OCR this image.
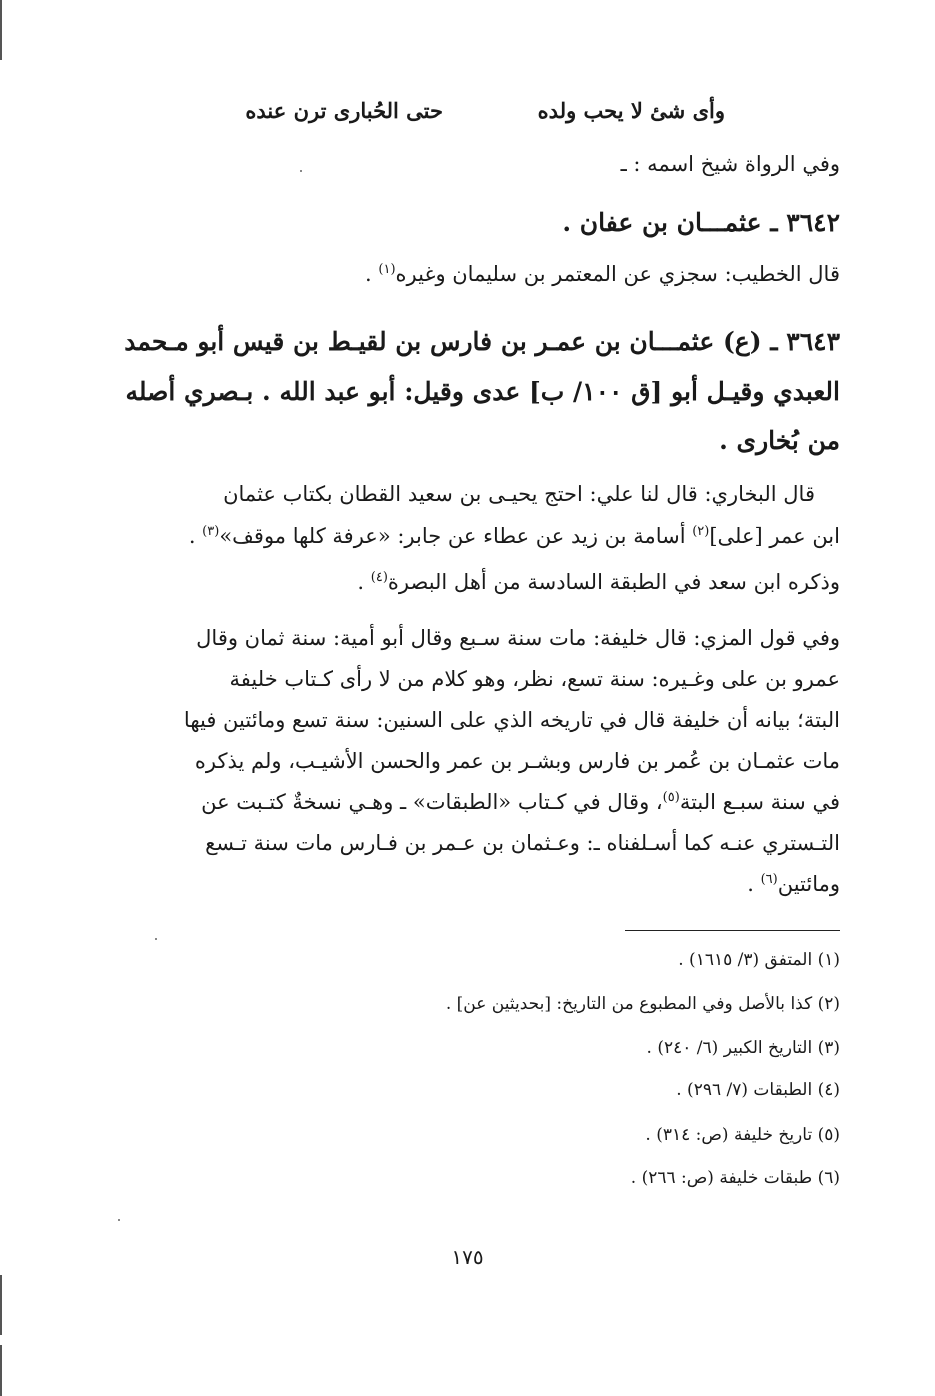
وأى شئ لا يحب ولده
حتى الحُبارى ترن عنده
وفي الرواة شيخ اسمه : ـ
٣٦٤٢ ـ عثمـــان بن عفان .
قال الخطيب: سجزي عن المعتمر بن سليمان وغيره$^{(١)}$ .
٣٦٤٣ ـ (ع) عثمـــان بن عمـر بن فارس بن لقيـط بن قيس أبو مـحمد
العبدي وقيـل أبو [ق ١٠٠/ ب] عدى وقيل: أبو عبد الله . بـصري أصله
من بُخارى .
قال البخاري: قال لنا علي: احتج يحيـى بن سعيد القطان بكتاب عثمان
ابن عمر [على]$^{(٢)}$ أسامة بن زيد عن عطاء عن جابر: «عرفة كلها موقف»$^{(٣)}$ .
وذكره ابن سعد في الطبقة السادسة من أهل البصرة$^{(٤)}$ .
وفي قول المزي: قال خليفة: مات سنة سـبع وقال أبو أمية: سنة ثمان وقال
عمرو بن على وغـيره: سنة تسع، نظر، وهو كلام من لا رأى كـتاب خليفة
البتة؛ بيانه أن خليفة قال في تاريخه الذي على السنين: سنة تسع ومائتين فيها
مات عثمـان بن عُمر بن فارس وبشـر بن عمر والحسن الأشيـب، ولم يذكره
في سنة سبـع البتة$^{(٥)}$، وقال في كـتاب «الطبقات» ـ وهـي نسخةٌ كتـبت عن
التـستري عنـه كما أسـلفناه ـ: وعـثمان بن عـمر بن فـارس مات سنة تـسع
ومائتين$^{(٦)}$ .
(١) المتفق (٣/ ١٦١٥) .
(٢) كذا بالأصل وفي المطبوع من التاريخ: [بحديثين عن] .
(٣) التاريخ الكبير (٦/ ٢٤٠) .
(٤) الطبقات (٧/ ٢٩٦) .
(٥) تاريخ خليفة (ص: ٣١٤) .
(٦) طبقات خليفة (ص: ٢٦٦) .
١٧٥
